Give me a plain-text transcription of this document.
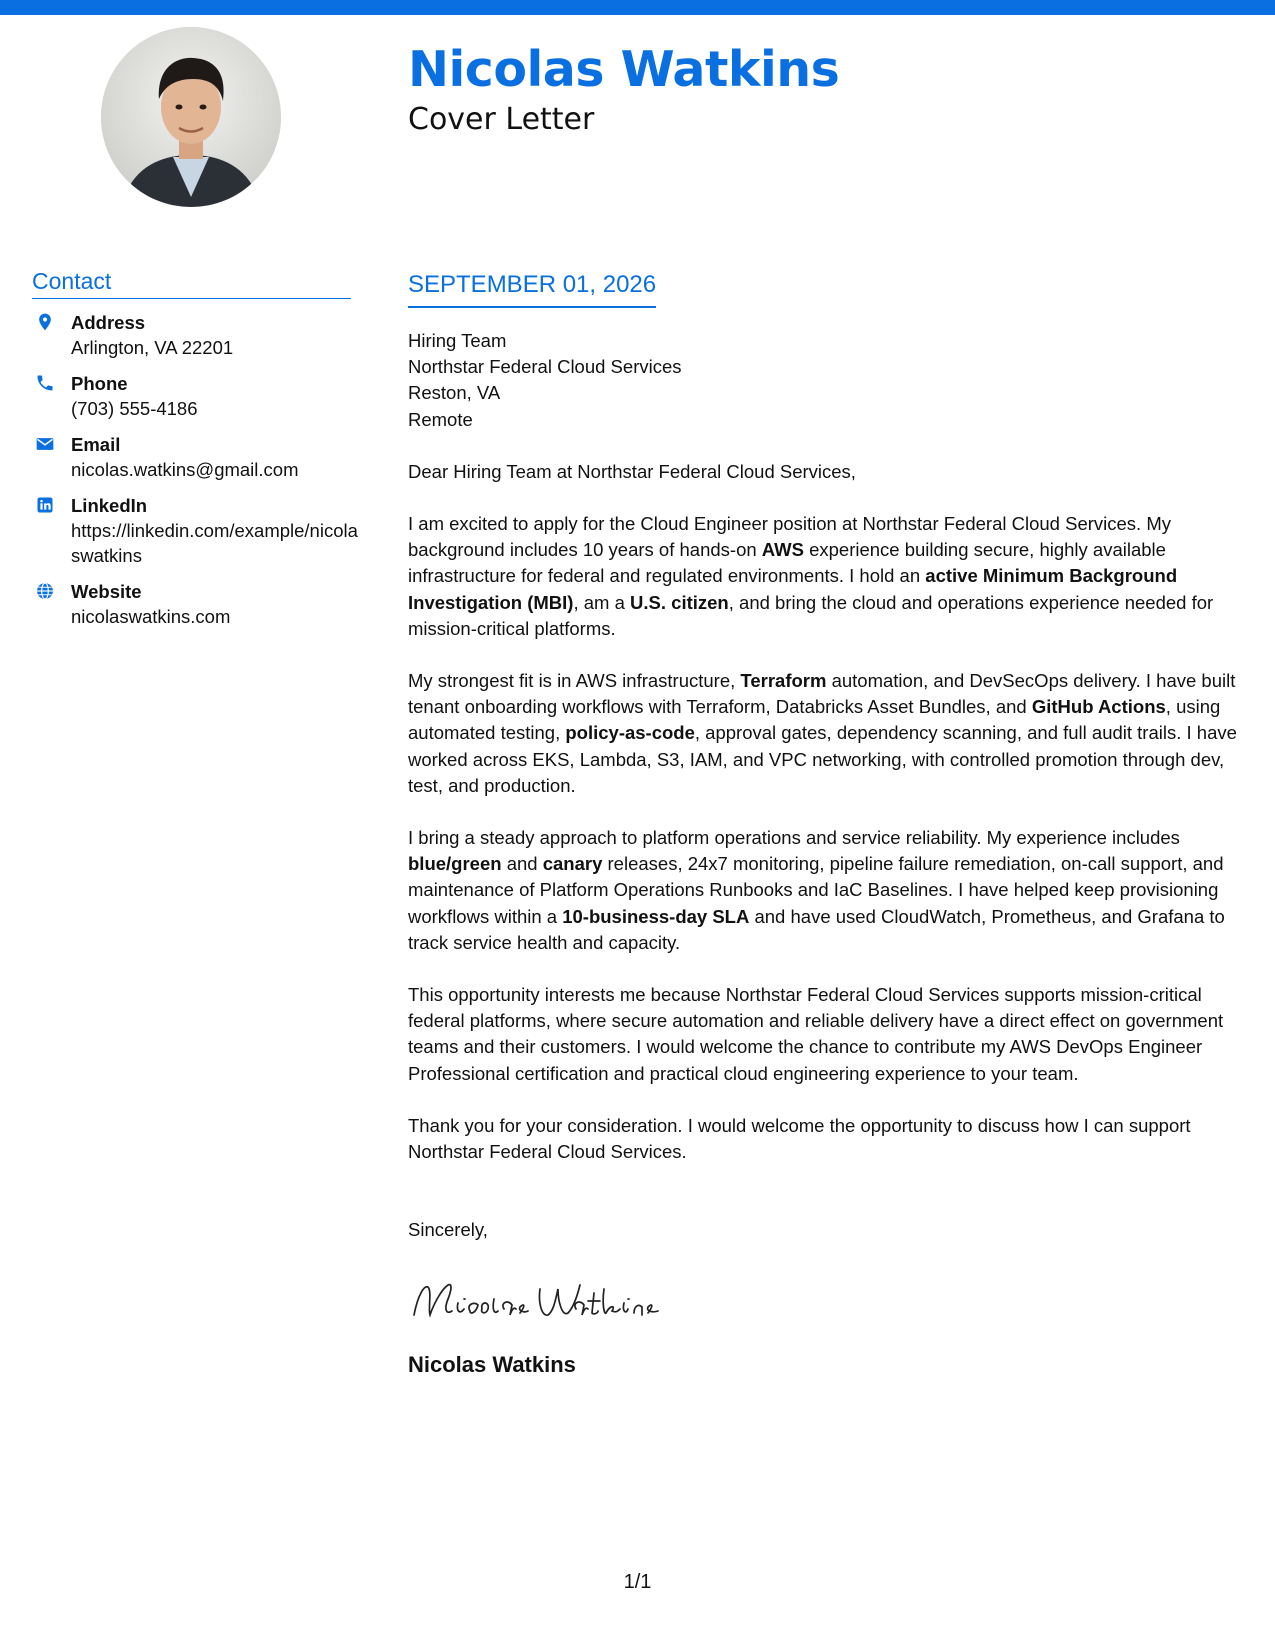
Nicolas Watkins
Cover Letter
Contact
Address
Arlington, VA 22201
Phone
(703) 555-4186
Email
nicolas.watkins@gmail.com
LinkedIn
https://linkedin.com/example/nicolaswatkins
Website
nicolaswatkins.com
SEPTEMBER 01, 2026
Hiring Team
Northstar Federal Cloud Services
Reston, VA
Remote
Dear Hiring Team at Northstar Federal Cloud Services,

I am excited to apply for the Cloud Engineer position at Northstar Federal Cloud Services. My background includes 10 years of hands-on AWS experience building secure, highly available infrastructure for federal and regulated environments. I hold an active Minimum Background Investigation (MBI), am a U.S. citizen, and bring the cloud and operations experience needed for mission-critical platforms.

My strongest fit is in AWS infrastructure, Terraform automation, and DevSecOps delivery. I have built tenant onboarding workflows with Terraform, Databricks Asset Bundles, and GitHub Actions, using automated testing, policy-as-code, approval gates, dependency scanning, and full audit trails. I have worked across EKS, Lambda, S3, IAM, and VPC networking, with controlled promotion through dev, test, and production.

I bring a steady approach to platform operations and service reliability. My experience includes blue/green and canary releases, 24x7 monitoring, pipeline failure remediation, on-call support, and maintenance of Platform Operations Runbooks and IaC Baselines. I have helped keep provisioning workflows within a 10-business-day SLA and have used CloudWatch, Prometheus, and Grafana to track service health and capacity.

This opportunity interests me because Northstar Federal Cloud Services supports mission-critical federal platforms, where secure automation and reliable delivery have a direct effect on government teams and their customers. I would welcome the chance to contribute my AWS DevOps Engineer Professional certification and practical cloud engineering experience to your team.

Thank you for your consideration. I would welcome the opportunity to discuss how I can support Northstar Federal Cloud Services.

Sincerely,
Nicolas Watkins
1/1
